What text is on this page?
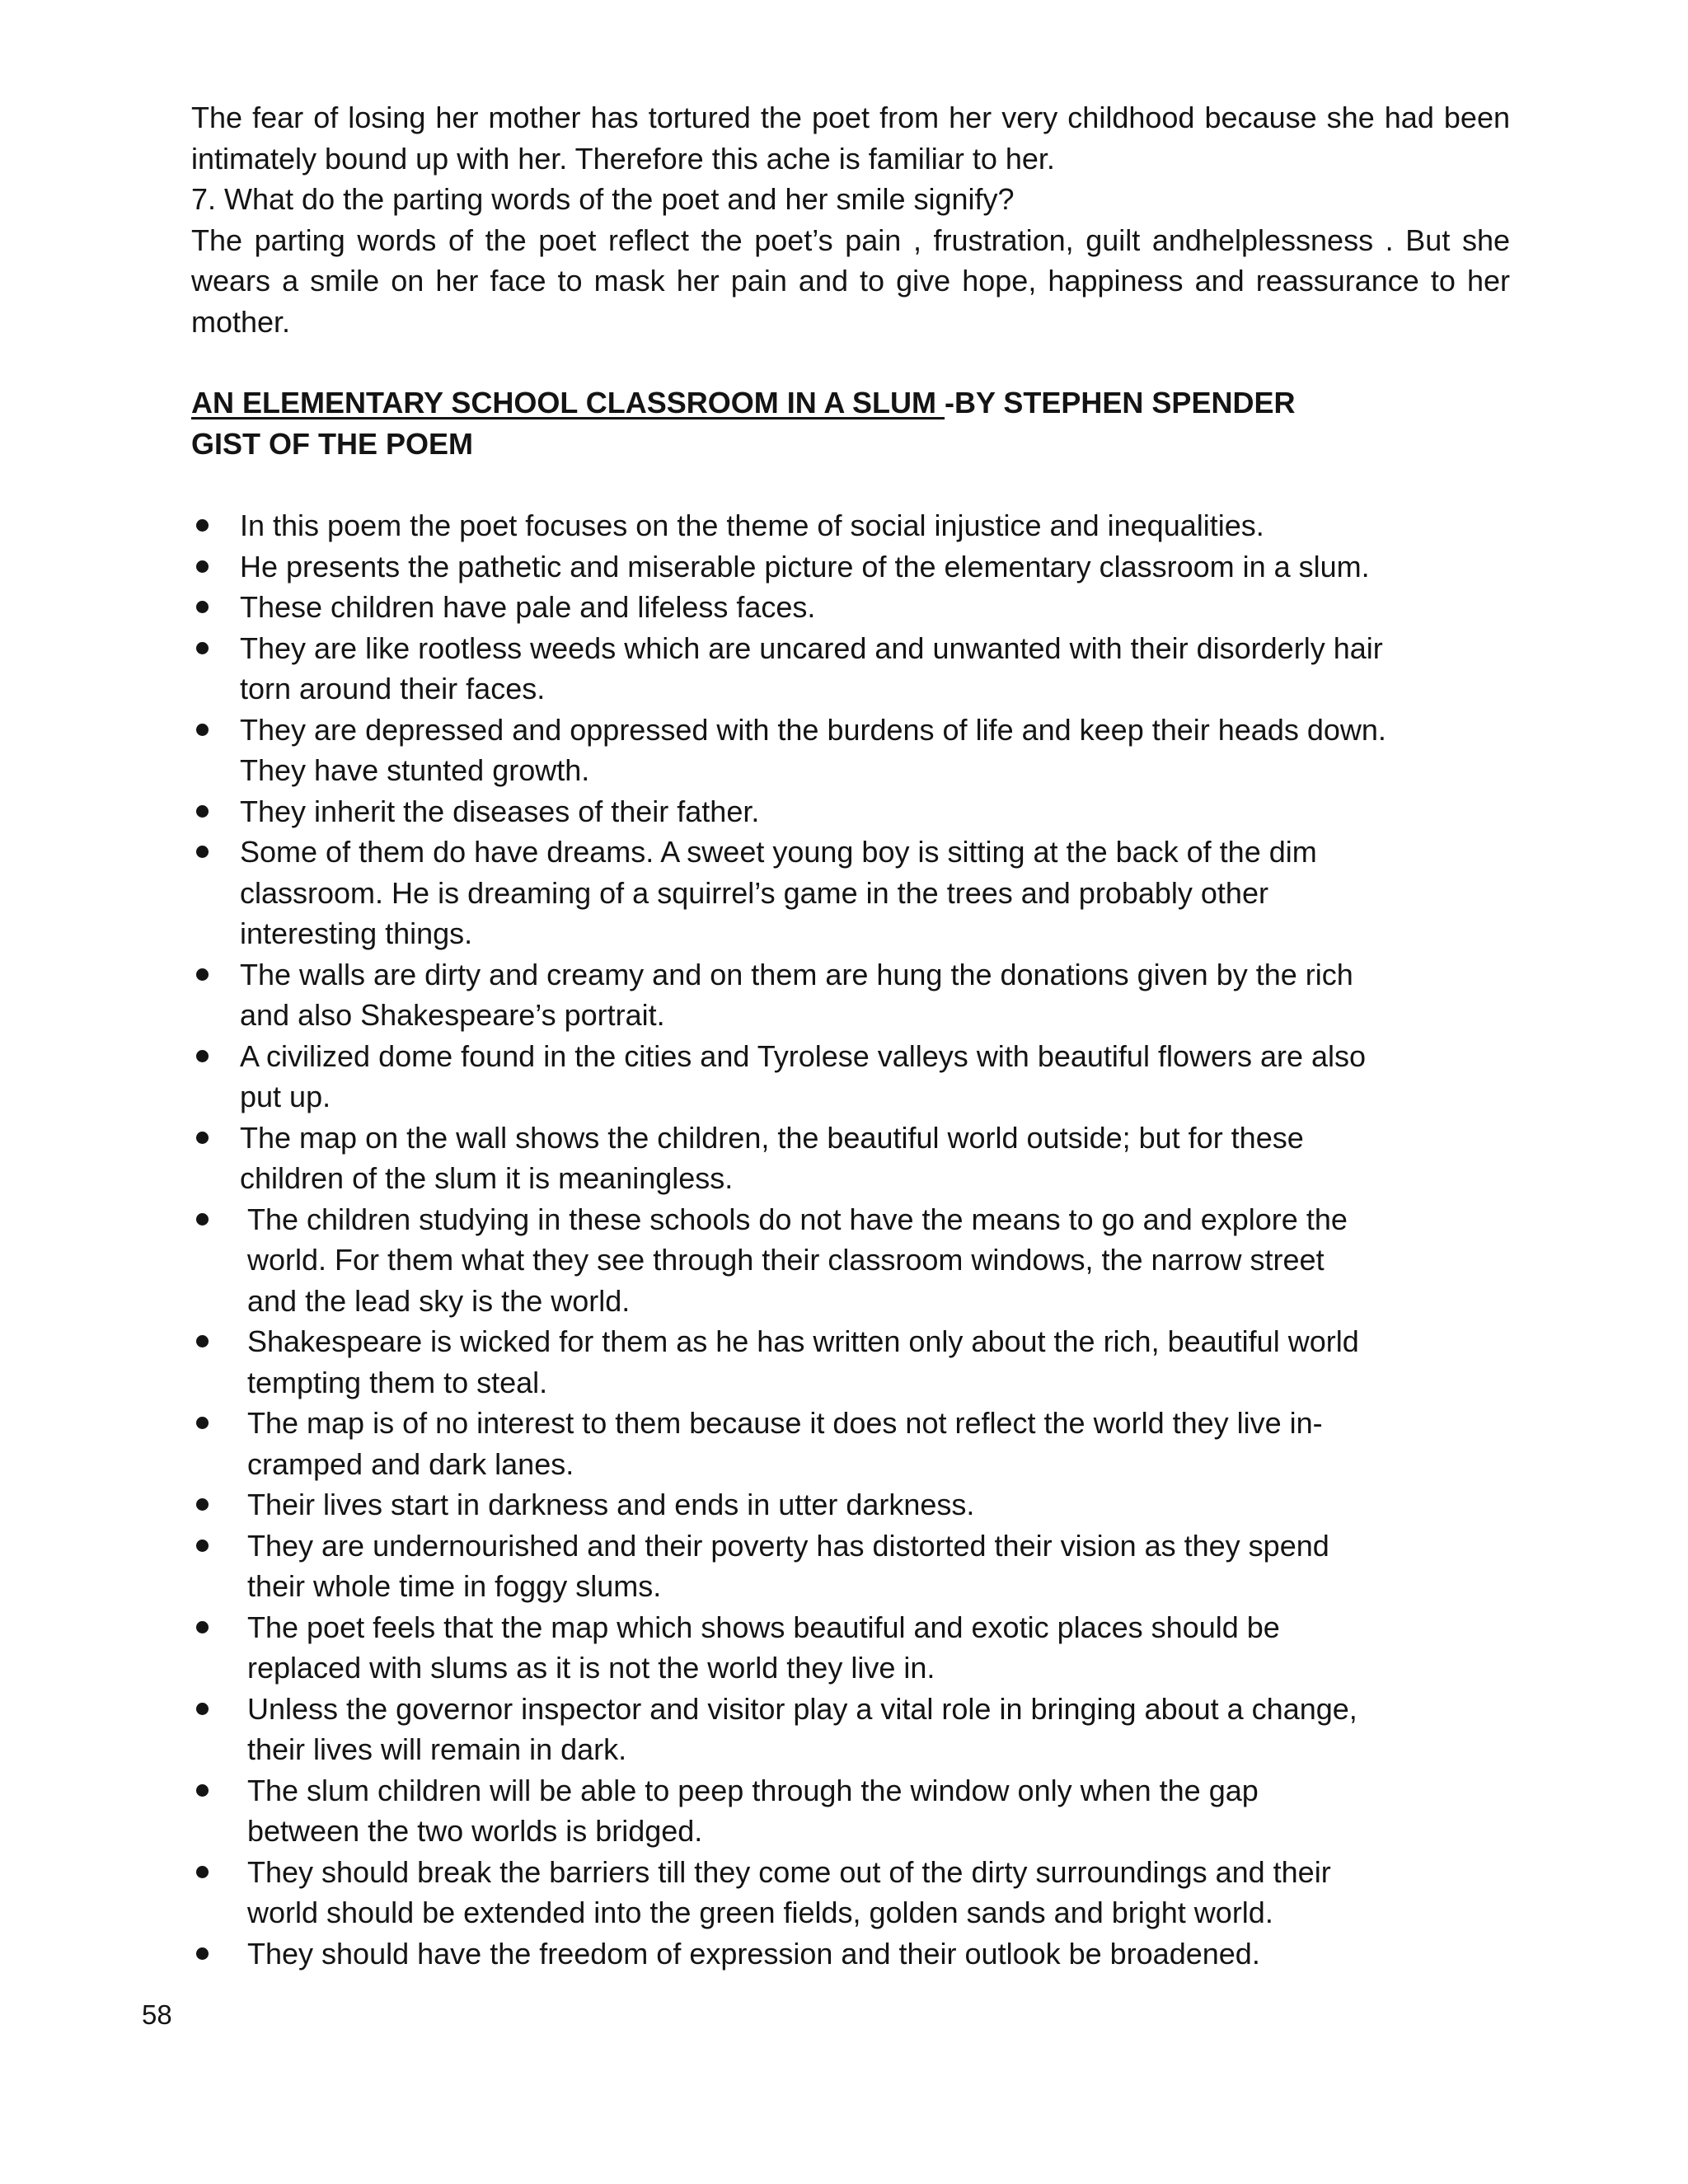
The fear of losing her mother has tortured the poet from her very childhood because she had been intimately bound up with her. Therefore this ache is familiar to her.

7. What do the parting words of the poet and her smile signify?

The parting words of the poet reflect the poet’s pain , frustration, guilt andhelplessness . But she wears a smile on her face to mask her pain and to give hope, happiness and reassurance to her mother.

AN ELEMENTARY SCHOOL CLASSROOM IN A SLUM -BY STEPHEN SPENDER

GIST OF THE POEM

In this poem the poet focuses on the theme of social injustice and inequalities.
He presents the pathetic and miserable picture of the elementary classroom in a slum.
These children have pale and lifeless faces.
They are like rootless weeds which are uncared and unwanted with their disorderly hair
torn around their faces.
They are depressed and oppressed with the burdens of life and keep their heads down.
They have stunted growth.
They inherit the diseases of their father.
Some of them do have dreams. A sweet young boy is sitting at the back of the dim
classroom. He is dreaming of a squirrel’s game in the trees and probably other
interesting things.
The walls are dirty and creamy and on them are hung the donations given by the rich
and also Shakespeare’s portrait.
A civilized dome found in the cities and Tyrolese valleys with beautiful flowers are also
put up.
The map on the wall shows the children, the beautiful world outside; but for these
children of the slum it is meaningless.
The children studying in these schools do not have the means to go and explore the
world. For them what they see through their classroom windows, the narrow street
and the lead sky is the world.
Shakespeare is wicked for them as he has written only about the rich, beautiful world
tempting them to steal.
The map is of no interest to them because it does not reflect the world they live in-
cramped and dark lanes.
Their lives start in darkness and ends in utter darkness.
They are undernourished and their poverty has distorted their vision as they spend
their whole time in foggy slums.
The poet feels that the map which shows beautiful and exotic places should be
replaced with slums as it is not the world they live in.
Unless the governor inspector and visitor play a vital role in bringing about a change,
their lives will remain in dark.
The slum children will be able to peep through the window only when the gap
between the two worlds is bridged.
They should break the barriers till they come out of the dirty surroundings and their
world should be extended into the green fields, golden sands and bright world.
They should have the freedom of expression and their outlook be broadened.
58
